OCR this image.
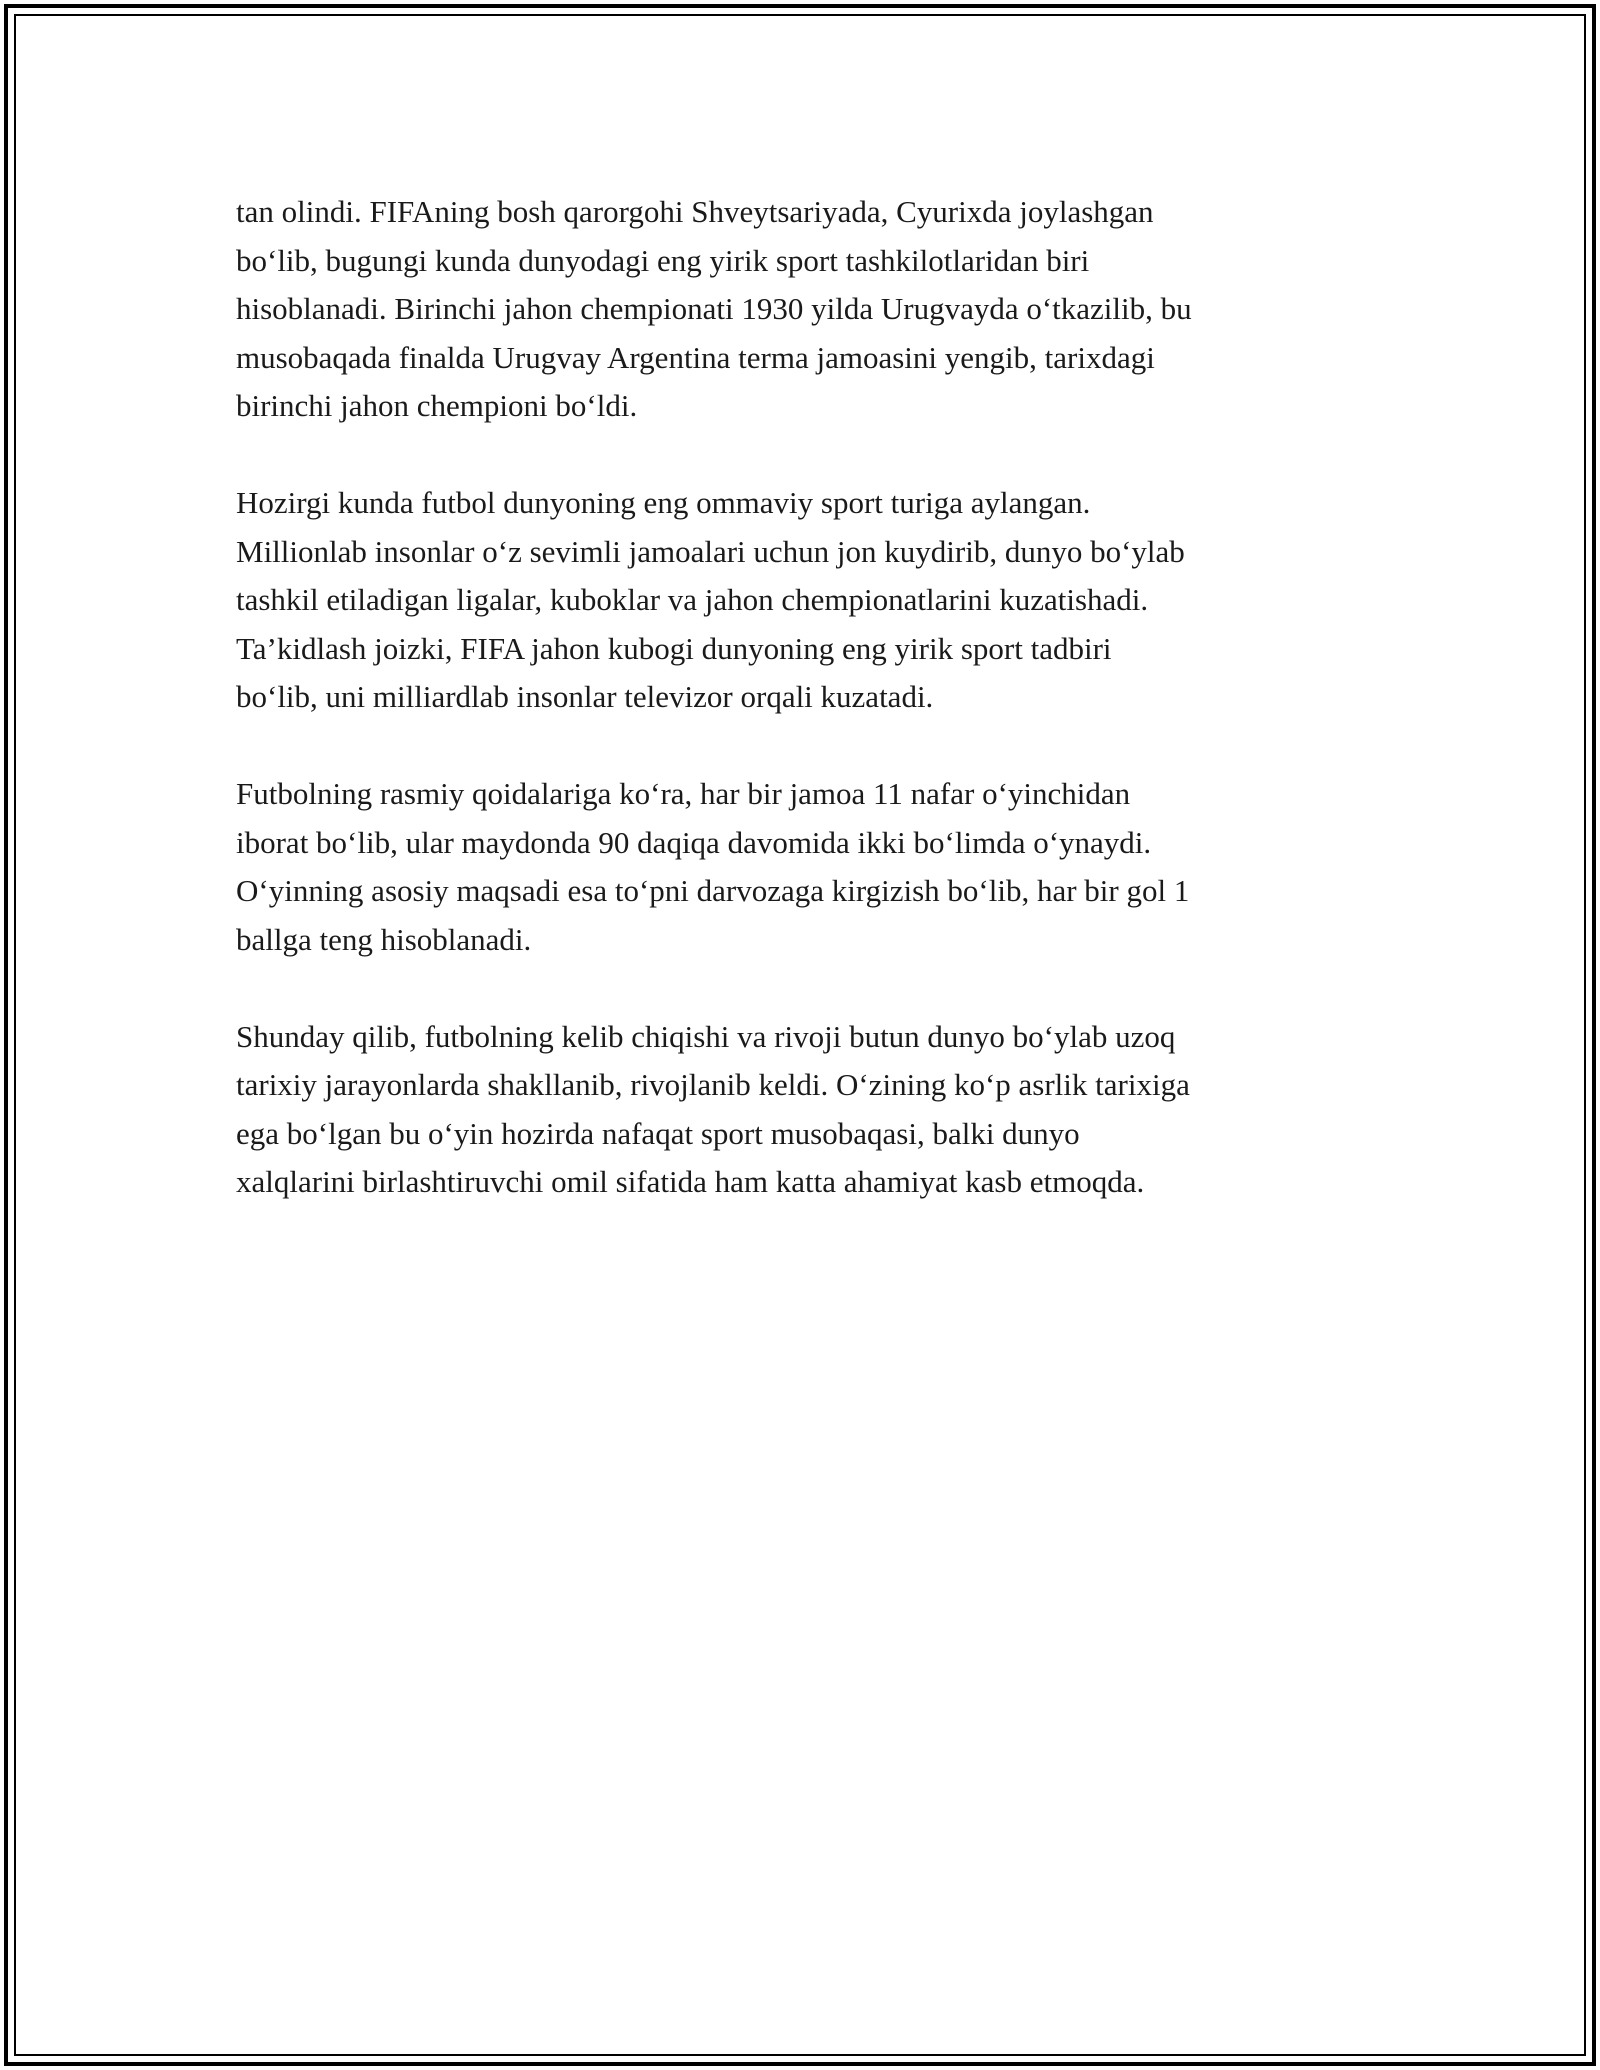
tan olindi. FIFAning bosh qarorgohi Shveytsariyada, Cyurixda joylashgan
bo‘lib, bugungi kunda dunyodagi eng yirik sport tashkilotlaridan biri
hisoblanadi. Birinchi jahon chempionati 1930 yilda Urugvayda o‘tkazilib, bu
musobaqada finalda Urugvay Argentina terma jamoasini yengib, tarixdagi
birinchi jahon chempioni bo‘ldi.

Hozirgi kunda futbol dunyoning eng ommaviy sport turiga aylangan.
Millionlab insonlar o‘z sevimli jamoalari uchun jon kuydirib, dunyo bo‘ylab
tashkil etiladigan ligalar, kuboklar va jahon chempionatlarini kuzatishadi.
Ta’kidlash joizki, FIFA jahon kubogi dunyoning eng yirik sport tadbiri
bo‘lib, uni milliardlab insonlar televizor orqali kuzatadi.

Futbolning rasmiy qoidalariga ko‘ra, har bir jamoa 11 nafar o‘yinchidan
iborat bo‘lib, ular maydonda 90 daqiqa davomida ikki bo‘limda o‘ynaydi.
O‘yinning asosiy maqsadi esa to‘pni darvozaga kirgizish bo‘lib, har bir gol 1
ballga teng hisoblanadi.

Shunday qilib, futbolning kelib chiqishi va rivoji butun dunyo bo‘ylab uzoq
tarixiy jarayonlarda shakllanib, rivojlanib keldi. O‘zining ko‘p asrlik tarixiga
ega bo‘lgan bu o‘yin hozirda nafaqat sport musobaqasi, balki dunyo
xalqlarini birlashtiruvchi omil sifatida ham katta ahamiyat kasb etmoqda.
